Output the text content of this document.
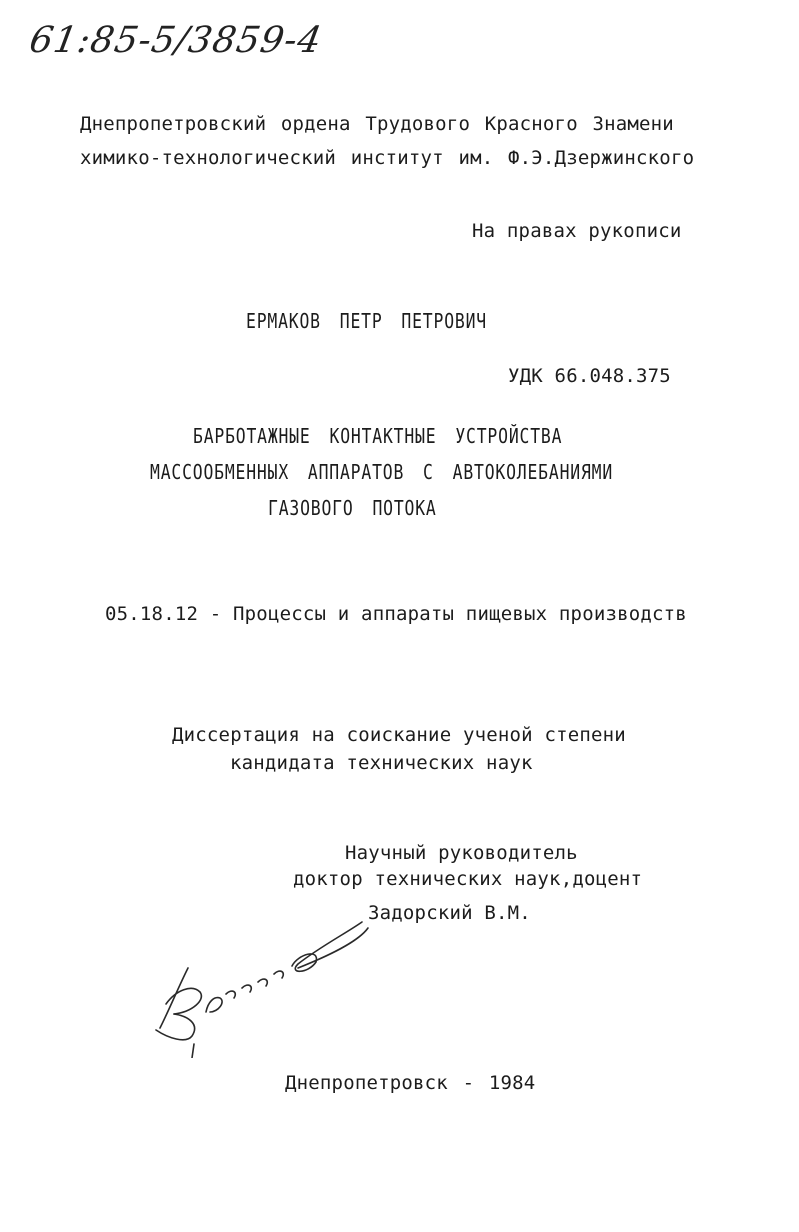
61:85-5/3859-4
Днепропетровский ордена Трудового Красного Знамени
химико-технологический институт им. Ф.Э.Дзержинского
На правах рукописи
ЕРМАКОВ ПЕТР ПЕТРОВИЧ
УДК 66.048.375
БАРБОТАЖНЫЕ КОНТАКТНЫЕ УСТРОЙСТВА
МАССООБМЕННЫХ АППАРАТОВ С АВТОКОЛЕБАНИЯМИ
ГАЗОВОГО ПОТОКА
05.18.12 - Процессы и аппараты пищевых производств
Диссертация на соискание ученой степени
кандидата технических наук
Научный руководитель
доктор технических наук,доцент
Задорский В.М.
Днепропетровск - 1984
